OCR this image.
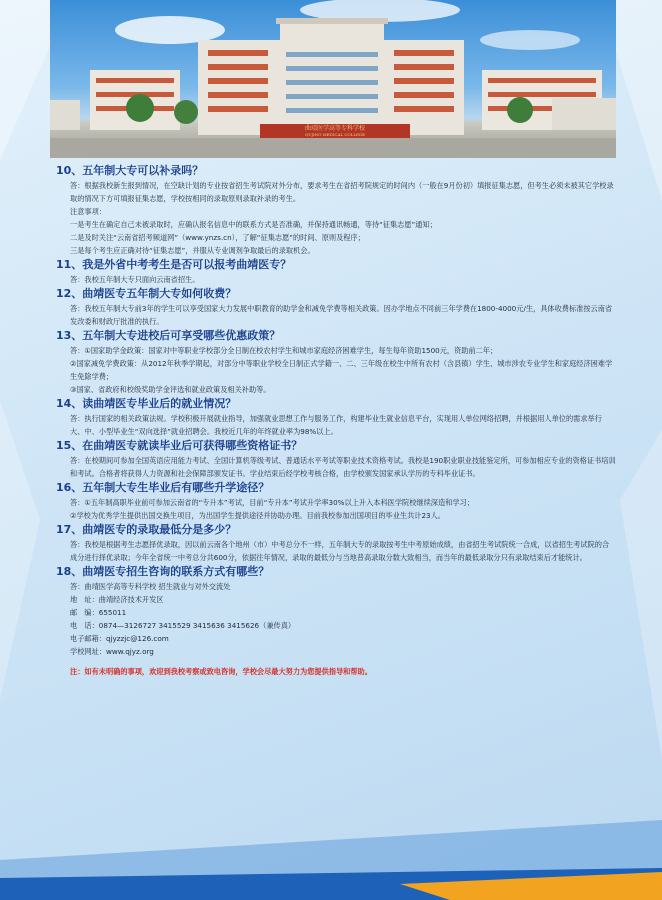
曲靖医学高等专科学校
QUJING MEDICAL COLLEGE

10、五年制大专可以补录吗？

答：根据我校新生报到情况，在空缺计划的专业按省招生考试院对外分布，要求考生在省招考院规定的时间内（一般在9月份初）填报征集志愿，但考生必须未被其它学校录取的情况下方可填报征集志愿，学校按相同的录取原则录取补录的考生。

注意事项：

一是考生在确定自己未被录取时，应确认报名信息中的联系方式是否准确，并保持通讯畅通，等待“征集志愿”通知；

二是及时关注“云南省招考频道网”（www.ynzs.cn），了解“征集志愿”的时间、原则及程序；

三是每个考生应正确对待“征集志愿”，并服从专业调剂争取最后的录取机会。

11、我是外省中考考生是否可以报考曲靖医专？

答：我校五年制大专只面向云南省招生。

12、曲靖医专五年制大专如何收费？

答：我校五年制大专前3年的学生可以享受国家大力发展中职教育的助学金和减免学费等相关政策。因办学地点不同前三年学费在1800-4000元/生，具体收费标准按云南省发改委和财政厅批准的执行。

13、五年制大专进校后可享受哪些优惠政策？

答：①国家助学金政策：国家对中等职业学校部分全日制在校农村学生和城市家庭经济困难学生，每生每年资助1500元，资助前二年；

②国家减免学费政策：从2012年秋季学期起，对部分中等职业学校全日制正式学籍一、二、三年级在校生中所有农村（含县镇）学生、城市涉农专业学生和家庭经济困难学生免除学费；

③国家、省政府和校级奖助学金评选和就业政策及相关补助等。

14、读曲靖医专毕业后的就业情况？

答：执行国家的相关政策法规。学校积极开展就业指导，加强就业思想工作与服务工作，构建毕业生就业信息平台，实现用人单位网络招聘，并根据用人单位的需求举行大、中、小型毕业生“双向选择”就业招聘会。我校近几年的年终就业率为98%以上。

15、在曲靖医专就读毕业后可获得哪些资格证书？

答：在校期间可参加全国英语应用能力考试、全国计算机等级考试、普通话水平考试等职业技术资格考试。我校是190职业职业技能鉴定所，可参加相应专业的资格证书培训和考试。合格者将获得人力资源和社会保障部颁发证书。学业结束后经学校考核合格，由学校颁发国家承认学历的专科毕业证书。

16、五年制大专生毕业后有哪些升学途径？

答：①五年制高职毕业前可参加云南省的“专升本”考试，目前“专升本”考试升学率30%以上升入本科医学院校继续深造和学习；

②学校为优秀学生提供出国交换生项目，为出国学生提供途径并协助办理。目前我校参加出国项目的毕业生共计23人。

17、曲靖医专的录取最低分是多少？

答：我校是根据考生志愿择优录取，因以前云南各个地州（市）中考总分不一样，五年制大专的录取按考生中考原始成绩，由省招生考试院统一合成，以省招生考试院的合成分进行择优录取；今年全省统一中考总分共600分，依据往年情况，录取的最低分与当地普高录取分数大致相当，而当年的最低录取分只有录取结束后才能统计。

18、曲靖医专招生咨询的联系方式有哪些？

答：曲靖医学高等专科学校 招生就业与对外交流处

地　址：曲靖经济技术开发区

邮　编：655011

电　话：0874—3126727 3415529 3415636 3415626（兼传真）

电子邮箱：qjyzzjc@126.com

学校网址：www.qjyz.org

注：如有未明确的事项，欢迎到我校考察或致电咨询，学校会尽最大努力为您提供指导和帮助。
